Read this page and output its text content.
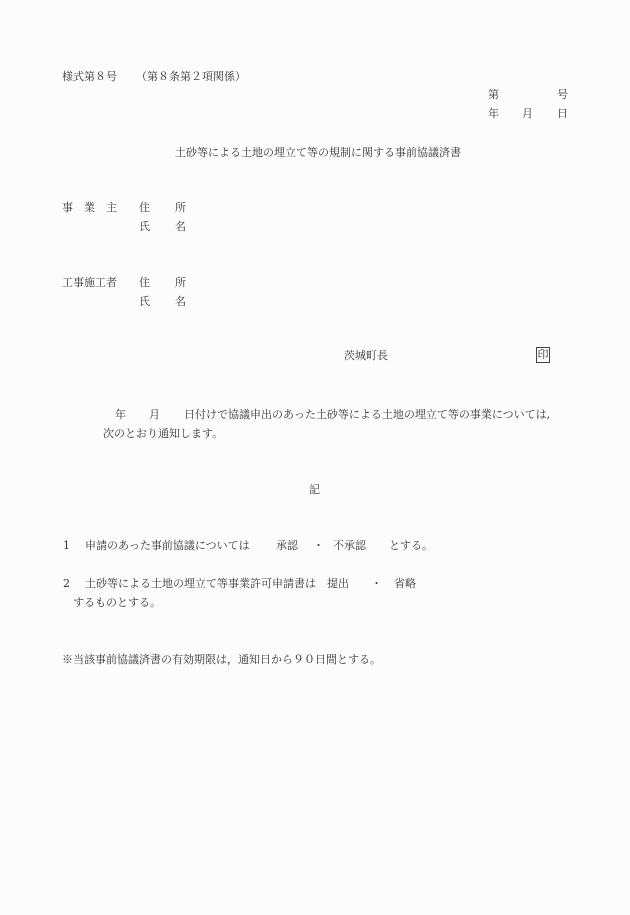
様式第８号 （第８条第２項関係）
第	号
年 月 日
土砂等による土地の埋立て等の規制に関する事前協議済書
事　業　主 住 所
氏 名
工事施工者 住 所
氏 名
茨城町長	印
年 月 日付けで協議申出のあった土砂等による土地の埋立て等の事業については,
次のとおり通知します。
記
1 申請のあった事前協議については 承認 ・ 不承認 とする。
2 土砂等による土地の埋立て等事業許可申請書は 提出 ・ 省略
するものとする。
※当該事前協議済書の有効期限は，通知日から９０日間とする。
